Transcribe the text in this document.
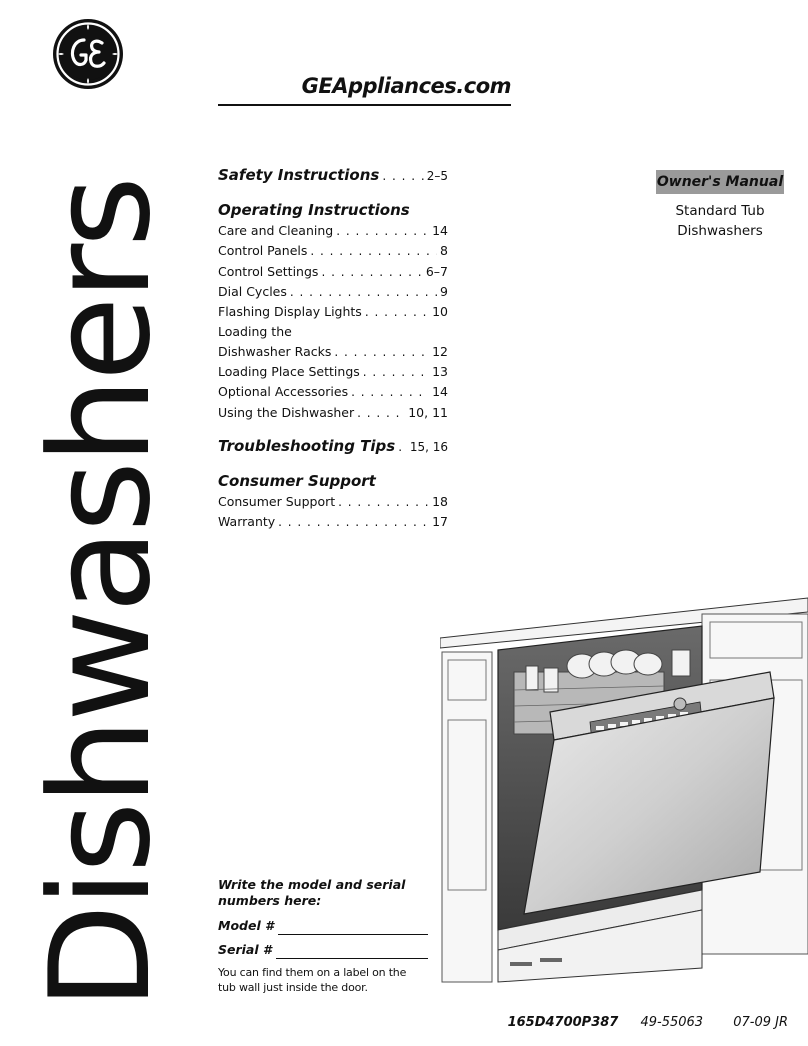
GEAppliances.com
Dishwashers
Safety Instructions . . .	2–5
Operating Instructions
Care and Cleaning . . .	14
Control Panels . . .	8
Control Settings . . .	6–7
Dial Cycles . . .	9
Flashing Display Lights . . .	10
Loading the
Dishwasher Racks . . .	12
Loading Place Settings . . .	13
Optional Accessories . . .	14
Using the Dishwasher . . .	10, 11
Troubleshooting Tips . . . 15, 16
Consumer Support
Consumer Support . . .	18
Warranty . . .	17
Owner's Manual
Standard Tub
Dishwashers
Write the model and serial
numbers here:
Model #
Serial #
You can find them on a label on the
tub wall just inside the door.
165D4700P387 49-55063 07-09 JR
